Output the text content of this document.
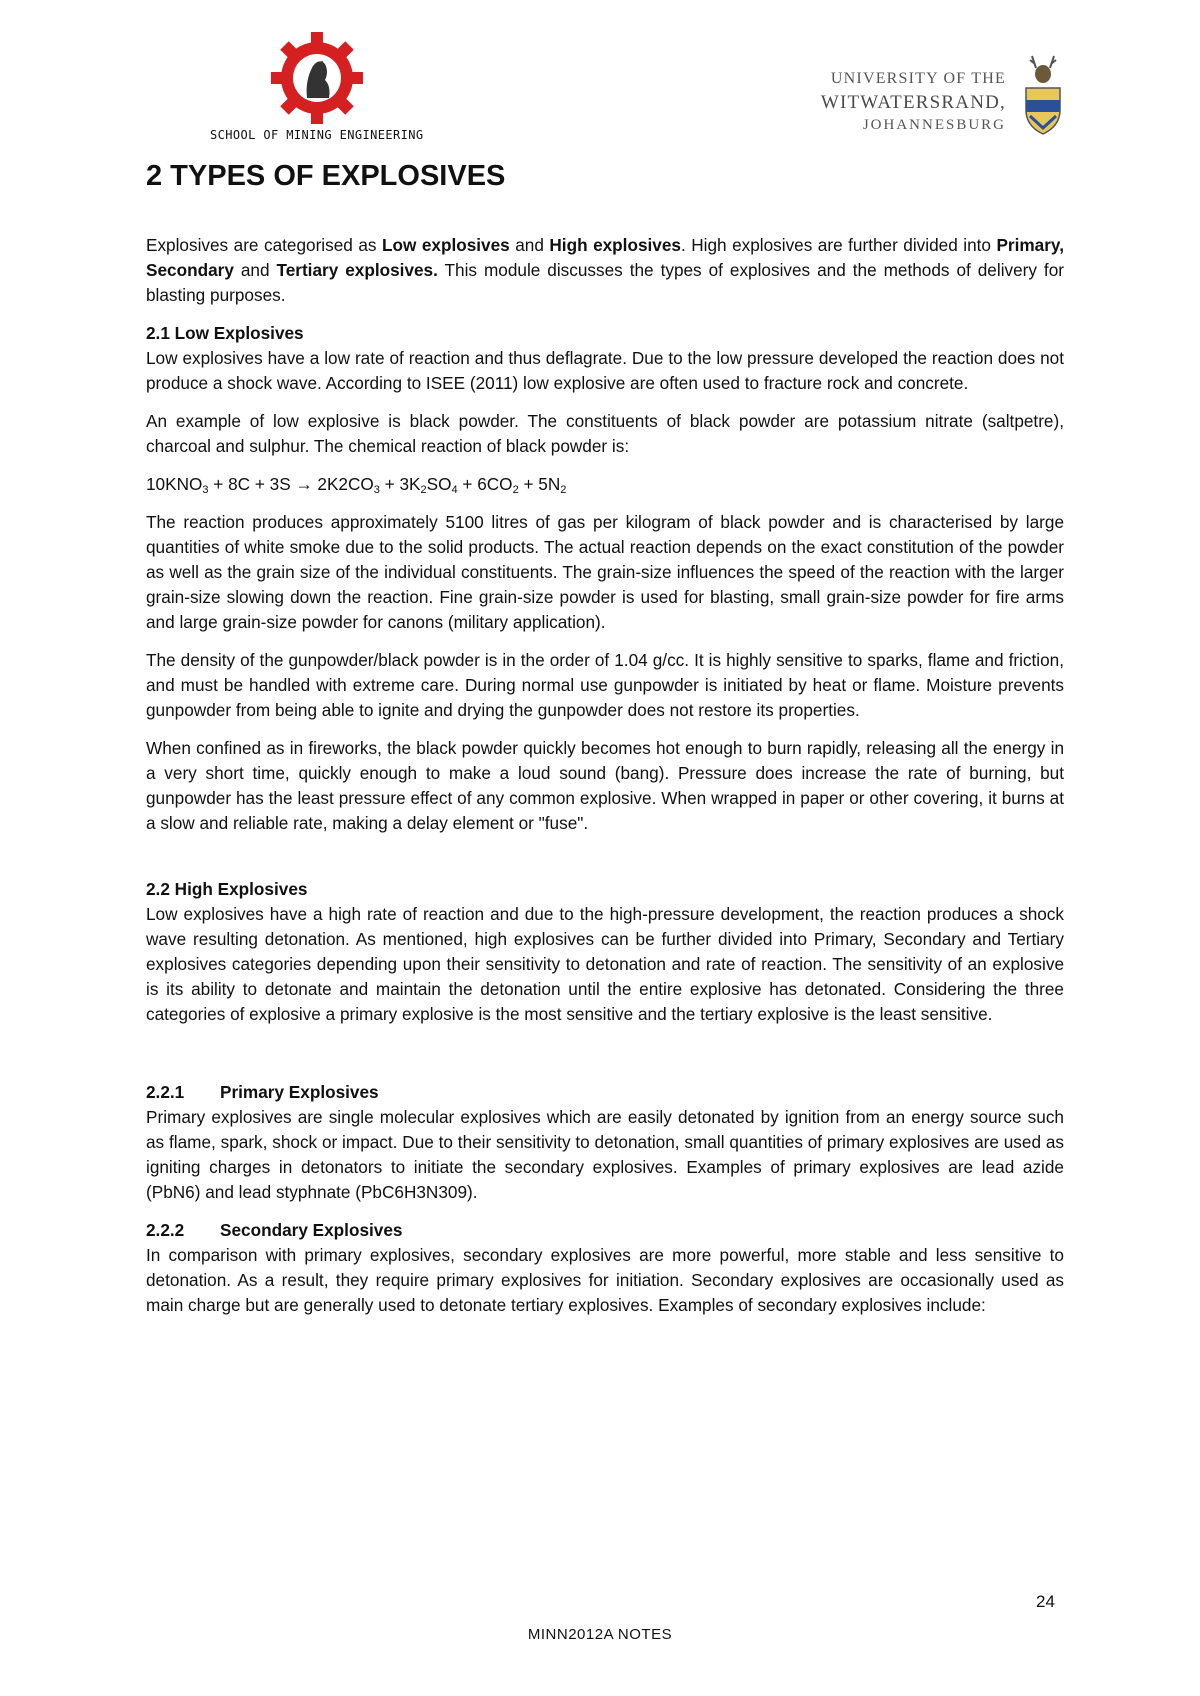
SCHOOL OF MINING ENGINEERING
UNIVERSITY OF THE
WITWATERSRAND,
JOHANNESBURG
2 TYPES OF EXPLOSIVES

Explosives are categorised as Low explosives and High explosives. High explosives are further divided into Primary, Secondary and Tertiary explosives. This module discusses the types of explosives and the methods of delivery for blasting purposes.

2.1 Low Explosives

Low explosives have a low rate of reaction and thus deflagrate. Due to the low pressure developed the reaction does not produce a shock wave. According to ISEE (2011) low explosive are often used to fracture rock and concrete.

An example of low explosive is black powder. The constituents of black powder are potassium nitrate (saltpetre), charcoal and sulphur. The chemical reaction of black powder is:

$10KNO_3 + 8C + 3S \to 2K2CO_3 + 3K_2SO_4 + 6CO_2 + 5N_2$

The reaction produces approximately 5100 litres of gas per kilogram of black powder and is characterised by large quantities of white smoke due to the solid products. The actual reaction depends on the exact constitution of the powder as well as the grain size of the individual constituents. The grain-size influences the speed of the reaction with the larger grain-size slowing down the reaction. Fine grain-size powder is used for blasting, small grain-size powder for fire arms and large grain-size powder for canons (military application).

The density of the gunpowder/black powder is in the order of 1.04 g/cc. It is highly sensitive to sparks, flame and friction, and must be handled with extreme care. During normal use gunpowder is initiated by heat or flame. Moisture prevents gunpowder from being able to ignite and drying the gunpowder does not restore its properties.

When confined as in fireworks, the black powder quickly becomes hot enough to burn rapidly, releasing all the energy in a very short time, quickly enough to make a loud sound (bang). Pressure does increase the rate of burning, but gunpowder has the least pressure effect of any common explosive. When wrapped in paper or other covering, it burns at a slow and reliable rate, making a delay element or "fuse".

2.2 High Explosives

Low explosives have a high rate of reaction and due to the high-pressure development, the reaction produces a shock wave resulting detonation. As mentioned, high explosives can be further divided into Primary, Secondary and Tertiary explosives categories depending upon their sensitivity to detonation and rate of reaction. The sensitivity of an explosive is its ability to detonate and maintain the detonation until the entire explosive has detonated. Considering the three categories of explosive a primary explosive is the most sensitive and the tertiary explosive is the least sensitive.

2.2.1 Primary Explosives

Primary explosives are single molecular explosives which are easily detonated by ignition from an energy source such as flame, spark, shock or impact. Due to their sensitivity to detonation, small quantities of primary explosives are used as igniting charges in detonators to initiate the secondary explosives. Examples of primary explosives are lead azide (PbN6) and lead styphnate (PbC6H3N309).

2.2.2 Secondary Explosives

In comparison with primary explosives, secondary explosives are more powerful, more stable and less sensitive to detonation. As a result, they require primary explosives for initiation. Secondary explosives are occasionally used as main charge but are generally used to detonate tertiary explosives. Examples of secondary explosives include:

24
MINN2012A NOTES
